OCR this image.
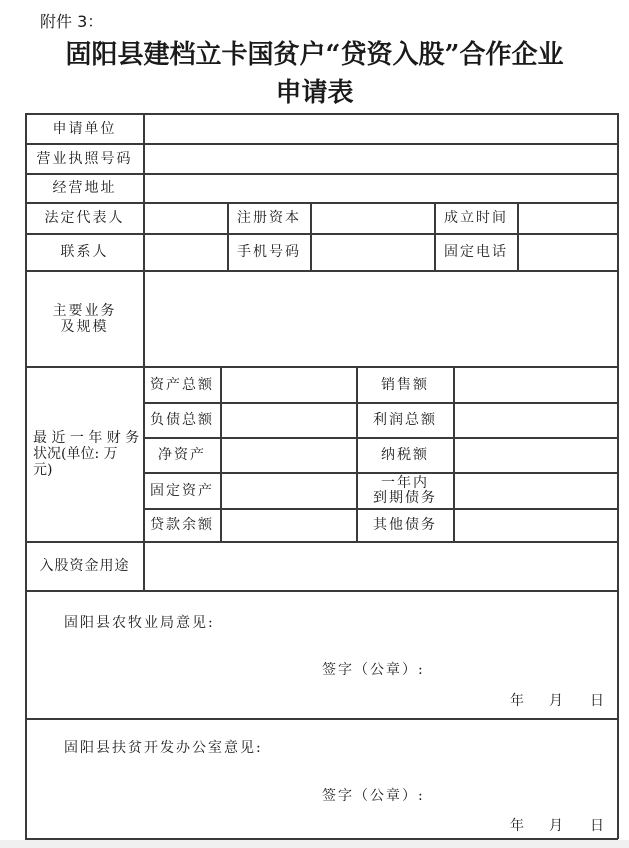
附件 3：
固阳县建档立卡国贫户“贷资入股”合作企业
申请表
申请单位
营业执照号码
经营地址
法定代表人	注册资本	成立时间
联系人	手机号码	固定电话
主要业务
及规模
最 近 一 年 财 务
状况(单位: 万
元)
资产总额	销售额
负债总额	利润总额
净资产	纳税额
固定资产	一年内
到期债务
贷款余额	其他债务
入股资金用途
固阳县农牧业局意见:
签字（公章）:
年 月 日
固阳县扶贫开发办公室意见:
签字（公章）:
年 月 日
